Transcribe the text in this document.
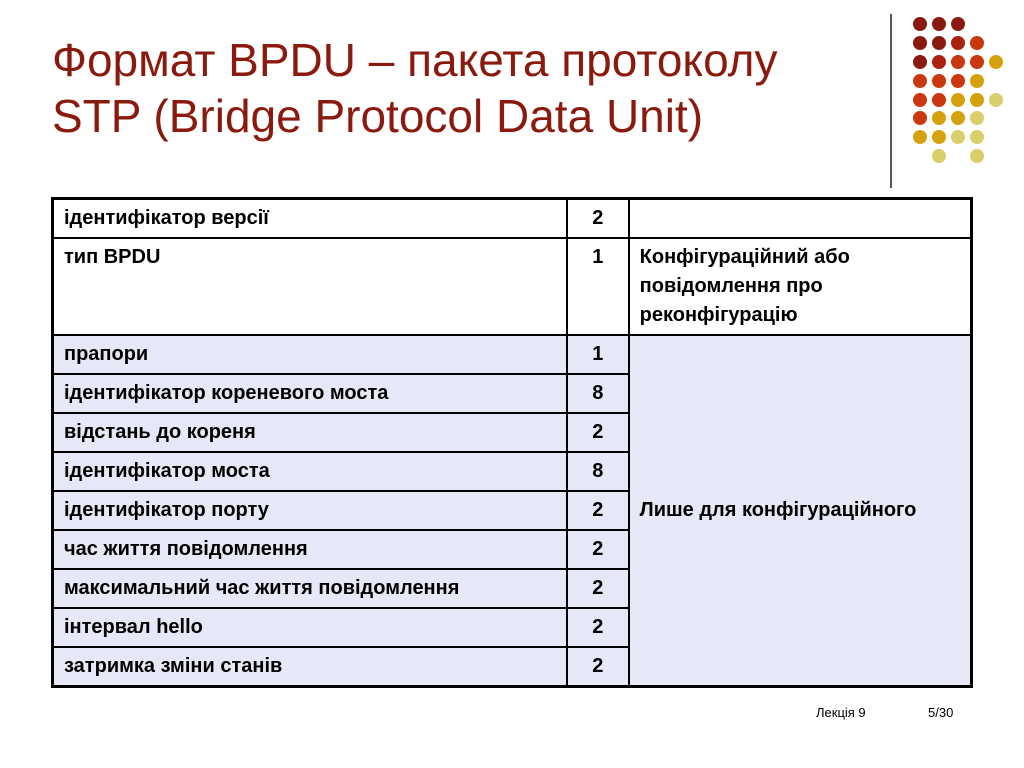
Формат BPDU – пакета протоколу
STP (Bridge Protocol Data Unit)
ідентифікатор версії	2	
тип BPDU	1	Конфігураційний або повідомлення про реконфігурацію
прапори	1	Лише для конфігураційного
ідентифікатор кореневого моста	8	
відстань до кореня	2	
ідентифікатор моста	8	
ідентифікатор порту	2	
час життя повідомлення	2	
максимальний час життя повідомлення	2	
інтервал hello	2	
затримка зміни станів	2	
Лекція 9	5/30
